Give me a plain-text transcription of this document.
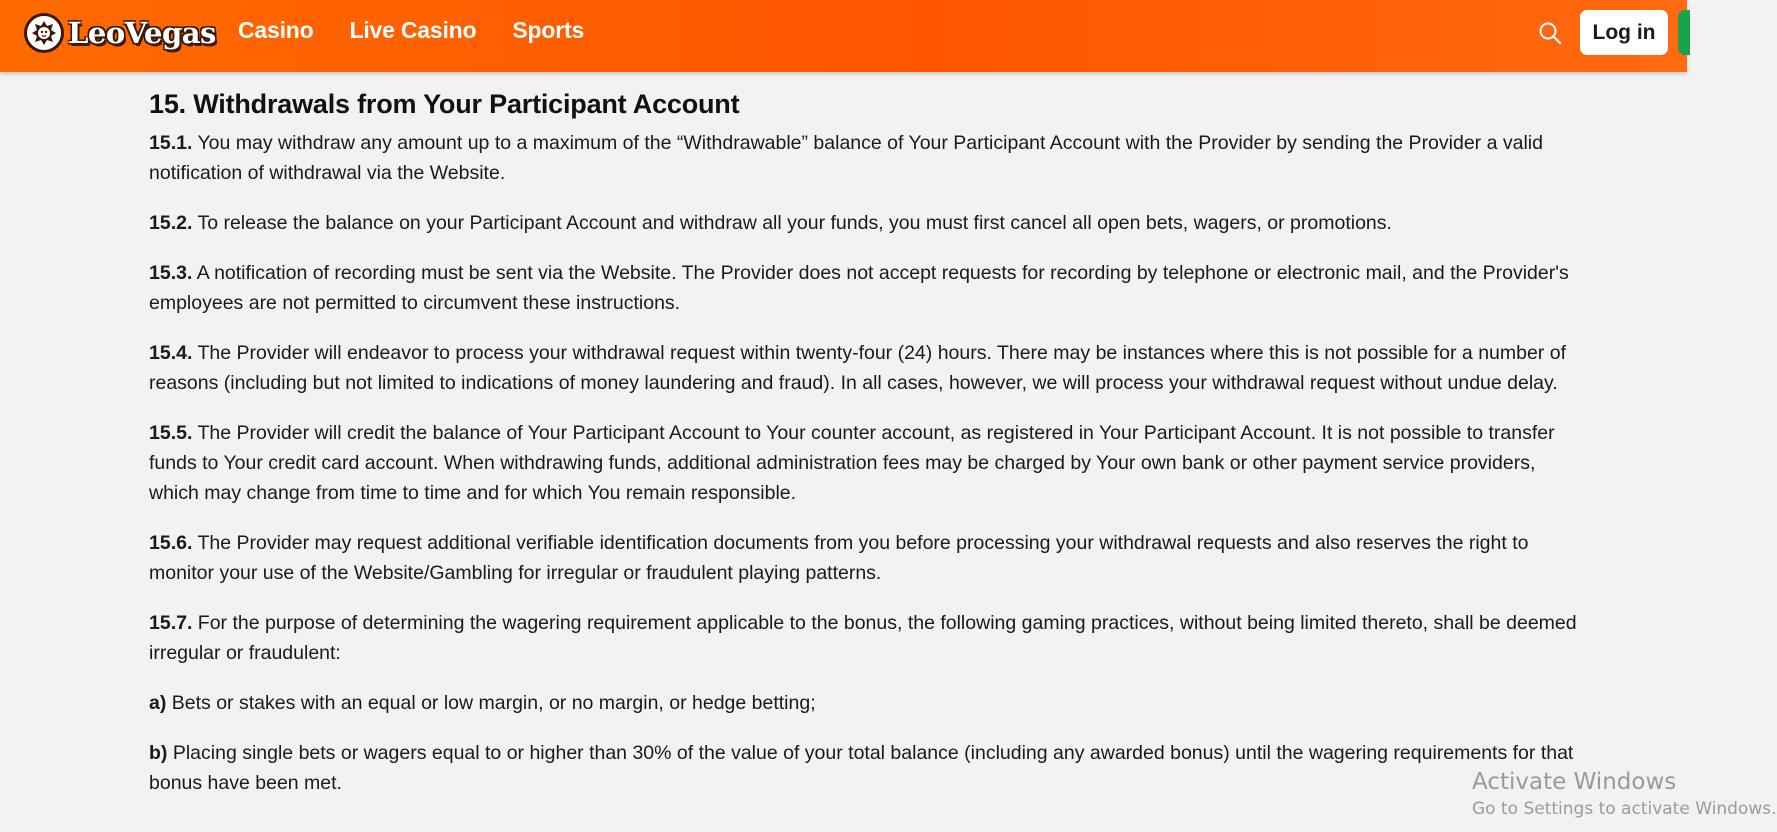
LeoVegas Casino Live Casino Sports	Log in
15. Withdrawals from Your Participant Account

15.1. You may withdraw any amount up to a maximum of the “Withdrawable” balance of Your Participant Account with the Provider by sending the Provider a valid notification of withdrawal via the Website.

15.2. To release the balance on your Participant Account and withdraw all your funds, you must first cancel all open bets, wagers, or promotions.

15.3. A notification of recording must be sent via the Website. The Provider does not accept requests for recording by telephone or electronic mail, and the Provider's employees are not permitted to circumvent these instructions.

15.4. The Provider will endeavor to process your withdrawal request within twenty-four (24) hours. There may be instances where this is not possible for a number of reasons (including but not limited to indications of money laundering and fraud). In all cases, however, we will process your withdrawal request without undue delay.

15.5. The Provider will credit the balance of Your Participant Account to Your counter account, as registered in Your Participant Account. It is not possible to transfer funds to Your credit card account. When withdrawing funds, additional administration fees may be charged by Your own bank or other payment service providers, which may change from time to time and for which You remain responsible.

15.6. The Provider may request additional verifiable identification documents from you before processing your withdrawal requests and also reserves the right to monitor your use of the Website/Gambling for irregular or fraudulent playing patterns.

15.7. For the purpose of determining the wagering requirement applicable to the bonus, the following gaming practices, without being limited thereto, shall be deemed irregular or fraudulent:

a) Bets or stakes with an equal or low margin, or no margin, or hedge betting;

b) Placing single bets or wagers equal to or higher than 30% of the value of your total balance (including any awarded bonus) until the wagering requirements for that bonus have been met.	Activate Windows
Go to Settings to activate Windows.
